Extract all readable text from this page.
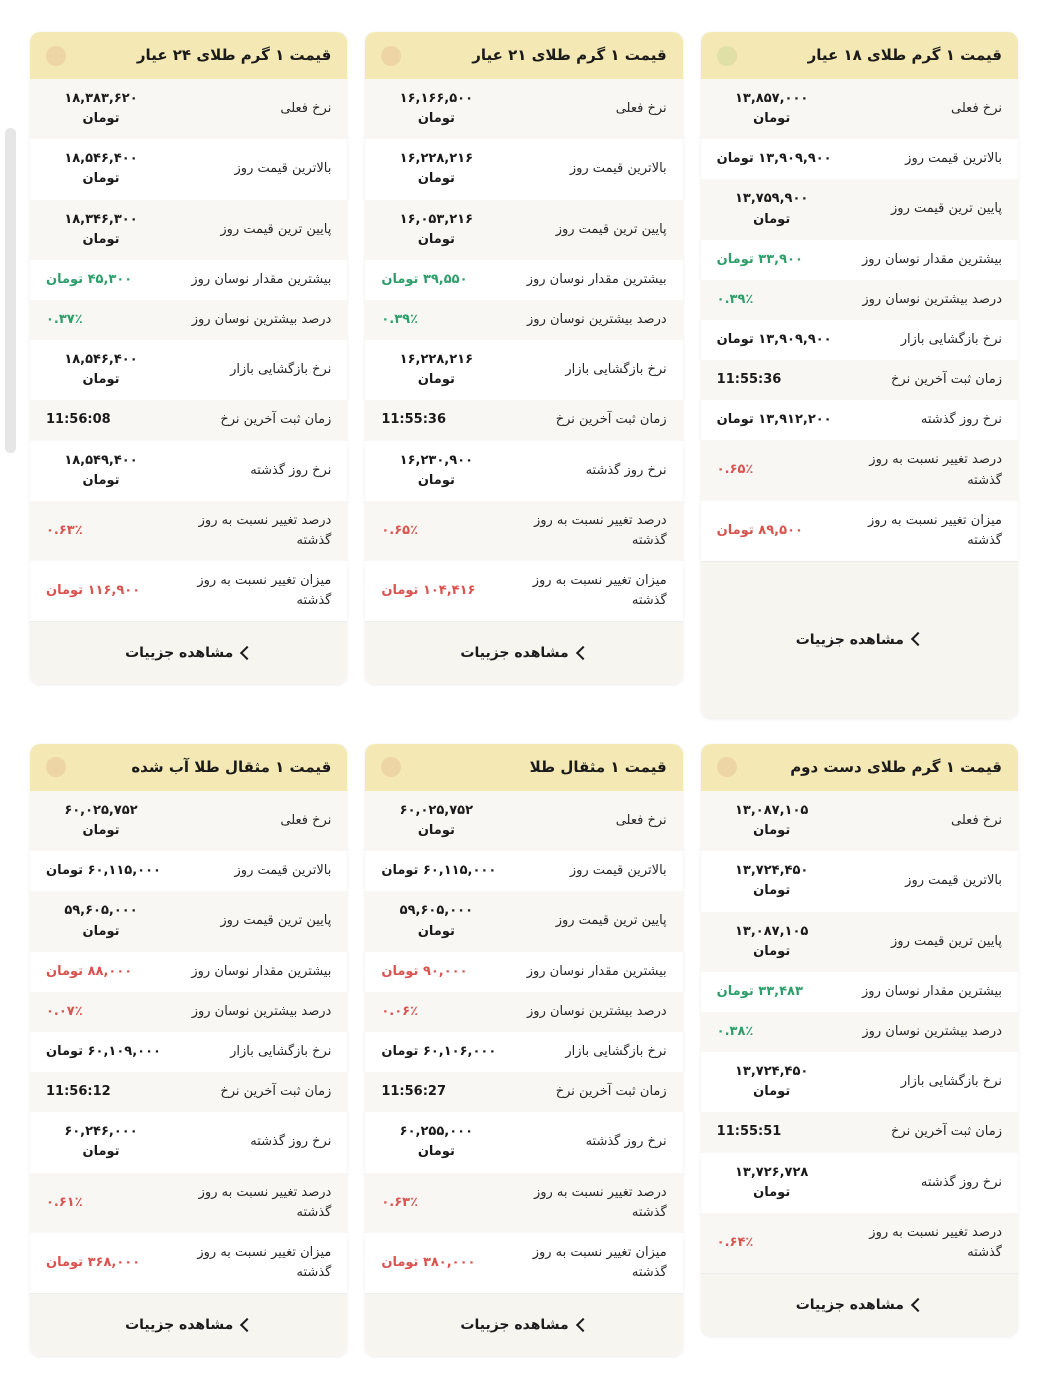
قیمت ۱ گرم طلای ۱۸ عیار
نرخ فعلی
۱۳,۸۵۷,۰۰۰ تومان
بالاترین قیمت روز
۱۳,۹۰۹,۹۰۰ تومان
پایین ترین قیمت روز
۱۳,۷۵۹,۹۰۰ تومان
بیشترین مقدار نوسان روز
۳۳,۹۰۰ تومان
درصد بیشترین نوسان روز
۰.۳۹٪
نرخ بازگشایی بازار
۱۳,۹۰۹,۹۰۰ تومان
زمان ثبت آخرین نرخ
11:55:36
نرخ روز گذشته
۱۳,۹۱۲,۲۰۰ تومان
درصد تغییر نسبت به روز گذشته
۰.۶۵٪
میزان تغییر نسبت به روز گذشته
۸۹,۵۰۰ تومان
مشاهده جزییات
قیمت ۱ گرم طلای ۲۱ عیار
نرخ فعلی
۱۶,۱۶۶,۵۰۰ تومان
بالاترین قیمت روز
۱۶,۲۲۸,۲۱۶ تومان
پایین ترین قیمت روز
۱۶,۰۵۳,۲۱۶ تومان
بیشترین مقدار نوسان روز
۳۹,۵۵۰ تومان
درصد بیشترین نوسان روز
۰.۳۹٪
نرخ بازگشایی بازار
۱۶,۲۲۸,۲۱۶ تومان
زمان ثبت آخرین نرخ
11:55:36
نرخ روز گذشته
۱۶,۲۳۰,۹۰۰ تومان
درصد تغییر نسبت به روز گذشته
۰.۶۵٪
میزان تغییر نسبت به روز گذشته
۱۰۴,۴۱۶ تومان
مشاهده جزییات
قیمت ۱ گرم طلای ۲۴ عیار
نرخ فعلی
۱۸,۳۸۳,۶۲۰ تومان
بالاترین قیمت روز
۱۸,۵۴۶,۴۰۰ تومان
پایین ترین قیمت روز
۱۸,۳۴۶,۳۰۰ تومان
بیشترین مقدار نوسان روز
۴۵,۳۰۰ تومان
درصد بیشترین نوسان روز
۰.۳۷٪
نرخ بازگشایی بازار
۱۸,۵۴۶,۴۰۰ تومان
زمان ثبت آخرین نرخ
11:56:08
نرخ روز گذشته
۱۸,۵۴۹,۴۰۰ تومان
درصد تغییر نسبت به روز گذشته
۰.۶۳٪
میزان تغییر نسبت به روز گذشته
۱۱۶,۹۰۰ تومان
مشاهده جزییات
قیمت ۱ گرم طلای دست دوم
نرخ فعلی
۱۳,۰۸۷,۱۰۵ تومان
بالاترین قیمت روز
۱۳,۷۲۴,۴۵۰ تومان
پایین ترین قیمت روز
۱۳,۰۸۷,۱۰۵ تومان
بیشترین مقدار نوسان روز
۳۳,۴۸۳ تومان
درصد بیشترین نوسان روز
۰.۳۸٪
نرخ بازگشایی بازار
۱۳,۷۲۴,۴۵۰ تومان
زمان ثبت آخرین نرخ
11:55:51
نرخ روز گذشته
۱۳,۷۲۶,۷۲۸ تومان
درصد تغییر نسبت به روز گذشته
۰.۶۴٪
مشاهده جزییات
قیمت ۱ مثقال طلا
نرخ فعلی
۶۰,۰۲۵,۷۵۲ تومان
بالاترین قیمت روز
۶۰,۱۱۵,۰۰۰ تومان
پایین ترین قیمت روز
۵۹,۶۰۵,۰۰۰ تومان
بیشترین مقدار نوسان روز
۹۰,۰۰۰ تومان
درصد بیشترین نوسان روز
۰.۰۶٪
نرخ بازگشایی بازار
۶۰,۱۰۶,۰۰۰ تومان
زمان ثبت آخرین نرخ
11:56:27
نرخ روز گذشته
۶۰,۲۵۵,۰۰۰ تومان
درصد تغییر نسبت به روز گذشته
۰.۶۳٪
میزان تغییر نسبت به روز گذشته
۳۸۰,۰۰۰ تومان
مشاهده جزییات
قیمت ۱ مثقال طلا آب شده
نرخ فعلی
۶۰,۰۲۵,۷۵۲ تومان
بالاترین قیمت روز
۶۰,۱۱۵,۰۰۰ تومان
پایین ترین قیمت روز
۵۹,۶۰۵,۰۰۰ تومان
بیشترین مقدار نوسان روز
۸۸,۰۰۰ تومان
درصد بیشترین نوسان روز
۰.۰۷٪
نرخ بازگشایی بازار
۶۰,۱۰۹,۰۰۰ تومان
زمان ثبت آخرین نرخ
11:56:12
نرخ روز گذشته
۶۰,۲۴۶,۰۰۰ تومان
درصد تغییر نسبت به روز گذشته
۰.۶۱٪
میزان تغییر نسبت به روز گذشته
۳۶۸,۰۰۰ تومان
مشاهده جزییات
